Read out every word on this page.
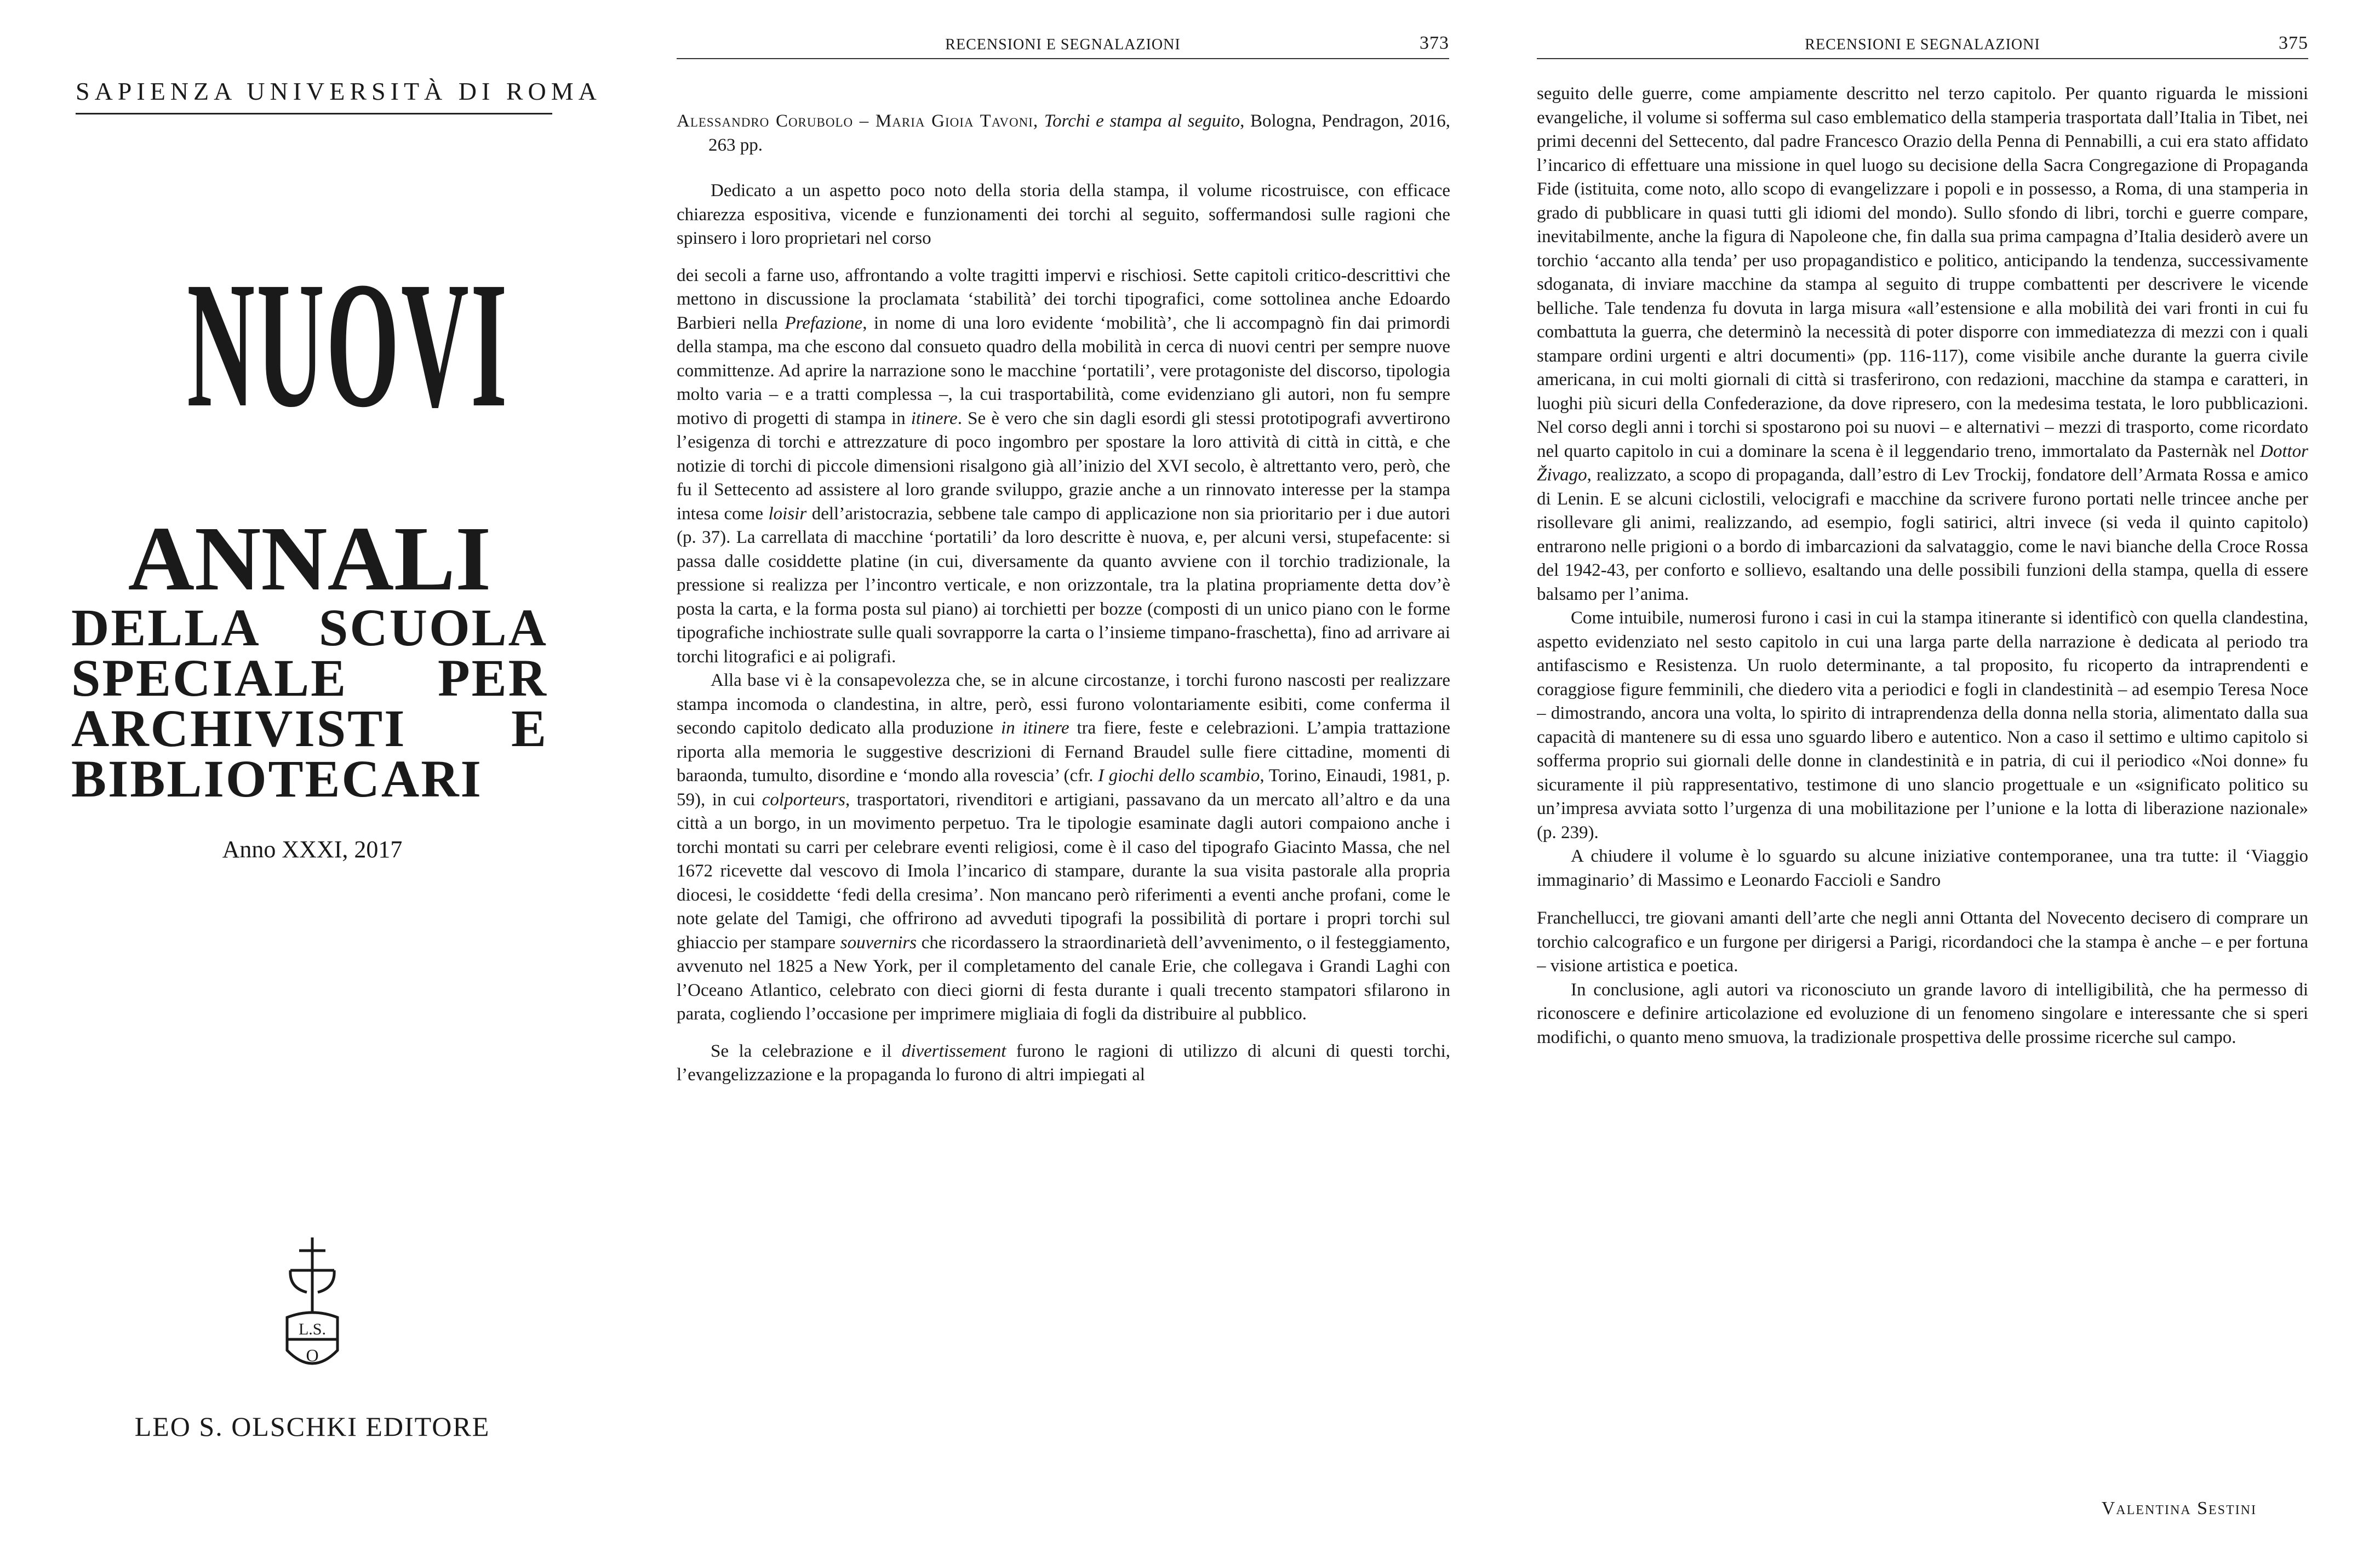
SAPIENZA UNIVERSITÀ DI ROMA
NUOVI
ANNALI
DELLA SCUOLA
SPECIALE PER
ARCHIVISTI E
BIBLIOTECARI
Anno XXXI, 2017
L.S.
O
LEO S. OLSCHKI EDITORE
RECENSIONI E SEGNALAZIONI	373

Alessandro Corubolo – Maria Gioia Tavoni, Torchi e stampa al seguito, Bologna, Pendragon, 2016, 263 pp.

Dedicato a un aspetto poco noto della storia della stampa, il volume ricostruisce, con efficace chiarezza espositiva, vicende e funzionamenti dei torchi al seguito, soffermandosi sulle ragioni che spinsero i loro proprietari nel corso

dei secoli a farne uso, affrontando a volte tragitti impervi e rischiosi. Sette capitoli critico-descrittivi che mettono in discussione la proclamata ‘stabilità’ dei torchi tipografici, come sottolinea anche Edoardo Barbieri nella Prefazione, in nome di una loro evidente ‘mobilità’, che li accompagnò fin dai primordi della stampa, ma che escono dal consueto quadro della mobilità in cerca di nuovi centri per sempre nuove committenze. Ad aprire la narrazione sono le macchine ‘portatili’, vere protagoniste del discorso, tipologia molto varia – e a tratti complessa –, la cui trasportabilità, come evidenziano gli autori, non fu sempre motivo di progetti di stampa in itinere. Se è vero che sin dagli esordi gli stessi prototipografi avvertirono l’esigenza di torchi e attrezzature di poco ingombro per spostare la loro attività di città in città, e che notizie di torchi di piccole dimensioni risalgono già all’inizio del XVI secolo, è altrettanto vero, però, che fu il Settecento ad assistere al loro grande sviluppo, grazie anche a un rinnovato interesse per la stampa intesa come loisir dell’aristocrazia, sebbene tale campo di applicazione non sia prioritario per i due autori (p. 37). La carrellata di macchine ‘portatili’ da loro descritte è nuova, e, per alcuni versi, stupefacente: si passa dalle cosiddette platine (in cui, diversamente da quanto avviene con il torchio tradizionale, la pressione si realizza per l’incontro verticale, e non orizzontale, tra la platina propriamente detta dov’è posta la carta, e la forma posta sul piano) ai torchietti per bozze (composti di un unico piano con le forme tipografiche inchiostrate sulle quali sovrapporre la carta o l’insieme timpano-fraschetta), fino ad arrivare ai torchi litografici e ai poligrafi.

Alla base vi è la consapevolezza che, se in alcune circostanze, i torchi furono nascosti per realizzare stampa incomoda o clandestina, in altre, però, essi furono volontariamente esibiti, come conferma il secondo capitolo dedicato alla produzione in itinere tra fiere, feste e celebrazioni. L’ampia trattazione riporta alla memoria le suggestive descrizioni di Fernand Braudel sulle fiere cittadine, momenti di baraonda, tumulto, disordine e ‘mondo alla rovescia’ (cfr. I giochi dello scambio, Torino, Einaudi, 1981, p. 59), in cui colporteurs, trasportatori, rivenditori e artigiani, passavano da un mercato all’altro e da una città a un borgo, in un movimento perpetuo. Tra le tipologie esaminate dagli autori compaiono anche i torchi montati su carri per celebrare eventi religiosi, come è il caso del tipografo Giacinto Massa, che nel 1672 ricevette dal vescovo di Imola l’incarico di stampare, durante la sua visita pastorale alla propria diocesi, le cosiddette ‘fedi della cresima’. Non mancano però riferimenti a eventi anche profani, come le note gelate del Tamigi, che offrirono ad avveduti tipografi la possibilità di portare i propri torchi sul ghiaccio per stampare souvernirs che ricordassero la straordinarietà dell’avvenimento, o il festeggiamento, avvenuto nel 1825 a New York, per il completamento del canale Erie, che collegava i Grandi Laghi con l’Oceano Atlantico, celebrato con dieci giorni di festa durante i quali trecento stampatori sfilarono in parata, cogliendo l’occasione per imprimere migliaia di fogli da distribuire al pubblico.

Se la celebrazione e il divertissement furono le ragioni di utilizzo di alcuni di questi torchi, l’evangelizzazione e la propaganda lo furono di altri impiegati al

RECENSIONI E SEGNALAZIONI	375

seguito delle guerre, come ampiamente descritto nel terzo capitolo. Per quanto riguarda le missioni evangeliche, il volume si sofferma sul caso emblematico della stamperia trasportata dall’Italia in Tibet, nei primi decenni del Settecento, dal padre Francesco Orazio della Penna di Pennabilli, a cui era stato affidato l’incarico di effettuare una missione in quel luogo su decisione della Sacra Congregazione di Propaganda Fide (istituita, come noto, allo scopo di evangelizzare i popoli e in possesso, a Roma, di una stamperia in grado di pubblicare in quasi tutti gli idiomi del mondo). Sullo sfondo di libri, torchi e guerre compare, inevitabilmente, anche la figura di Napoleone che, fin dalla sua prima campagna d’Italia desiderò avere un torchio ‘accanto alla tenda’ per uso propagandistico e politico, anticipando la tendenza, successivamente sdoganata, di inviare macchine da stampa al seguito di truppe combattenti per descrivere le vicende belliche. Tale tendenza fu dovuta in larga misura «all’estensione e alla mobilità dei vari fronti in cui fu combattuta la guerra, che determinò la necessità di poter disporre con immediatezza di mezzi con i quali stampare ordini urgenti e altri documenti» (pp. 116-117), come visibile anche durante la guerra civile americana, in cui molti giornali di città si trasferirono, con redazioni, macchine da stampa e caratteri, in luoghi più sicuri della Confederazione, da dove ripresero, con la medesima testata, le loro pubblicazioni. Nel corso degli anni i torchi si spostarono poi su nuovi – e alternativi – mezzi di trasporto, come ricordato nel quarto capitolo in cui a dominare la scena è il leggendario treno, immortalato da Pasternàk nel Dottor Živago, realizzato, a scopo di propaganda, dall’estro di Lev Trockij, fondatore dell’Armata Rossa e amico di Lenin. E se alcuni ciclostili, velocigrafi e macchine da scrivere furono portati nelle trincee anche per risollevare gli animi, realizzando, ad esempio, fogli satirici, altri invece (si veda il quinto capitolo) entrarono nelle prigioni o a bordo di imbarcazioni da salvataggio, come le navi bianche della Croce Rossa del 1942-43, per conforto e sollievo, esaltando una delle possibili funzioni della stampa, quella di essere balsamo per l’anima.

Come intuibile, numerosi furono i casi in cui la stampa itinerante si identificò con quella clandestina, aspetto evidenziato nel sesto capitolo in cui una larga parte della narrazione è dedicata al periodo tra antifascismo e Resistenza. Un ruolo determinante, a tal proposito, fu ricoperto da intraprendenti e coraggiose figure femminili, che diedero vita a periodici e fogli in clandestinità – ad esempio Teresa Noce – dimostrando, ancora una volta, lo spirito di intraprendenza della donna nella storia, alimentato dalla sua capacità di mantenere su di essa uno sguardo libero e autentico. Non a caso il settimo e ultimo capitolo si sofferma proprio sui giornali delle donne in clandestinità e in patria, di cui il periodico «Noi donne» fu sicuramente il più rappresentativo, testimone di uno slancio progettuale e un «significato politico su un’impresa avviata sotto l’urgenza di una mobilitazione per l’unione e la lotta di liberazione nazionale» (p. 239).

A chiudere il volume è lo sguardo su alcune iniziative contemporanee, una tra tutte: il ‘Viaggio immaginario’ di Massimo e Leonardo Faccioli e Sandro

Franchellucci, tre giovani amanti dell’arte che negli anni Ottanta del Novecento decisero di comprare un torchio calcografico e un furgone per dirigersi a Parigi, ricordandoci che la stampa è anche – e per fortuna – visione artistica e poetica.

In conclusione, agli autori va riconosciuto un grande lavoro di intelligibilità, che ha permesso di riconoscere e definire articolazione ed evoluzione di un fenomeno singolare e interessante che si speri modifichi, o quanto meno smuova, la tradizionale prospettiva delle prossime ricerche sul campo.

Valentina Sestini
